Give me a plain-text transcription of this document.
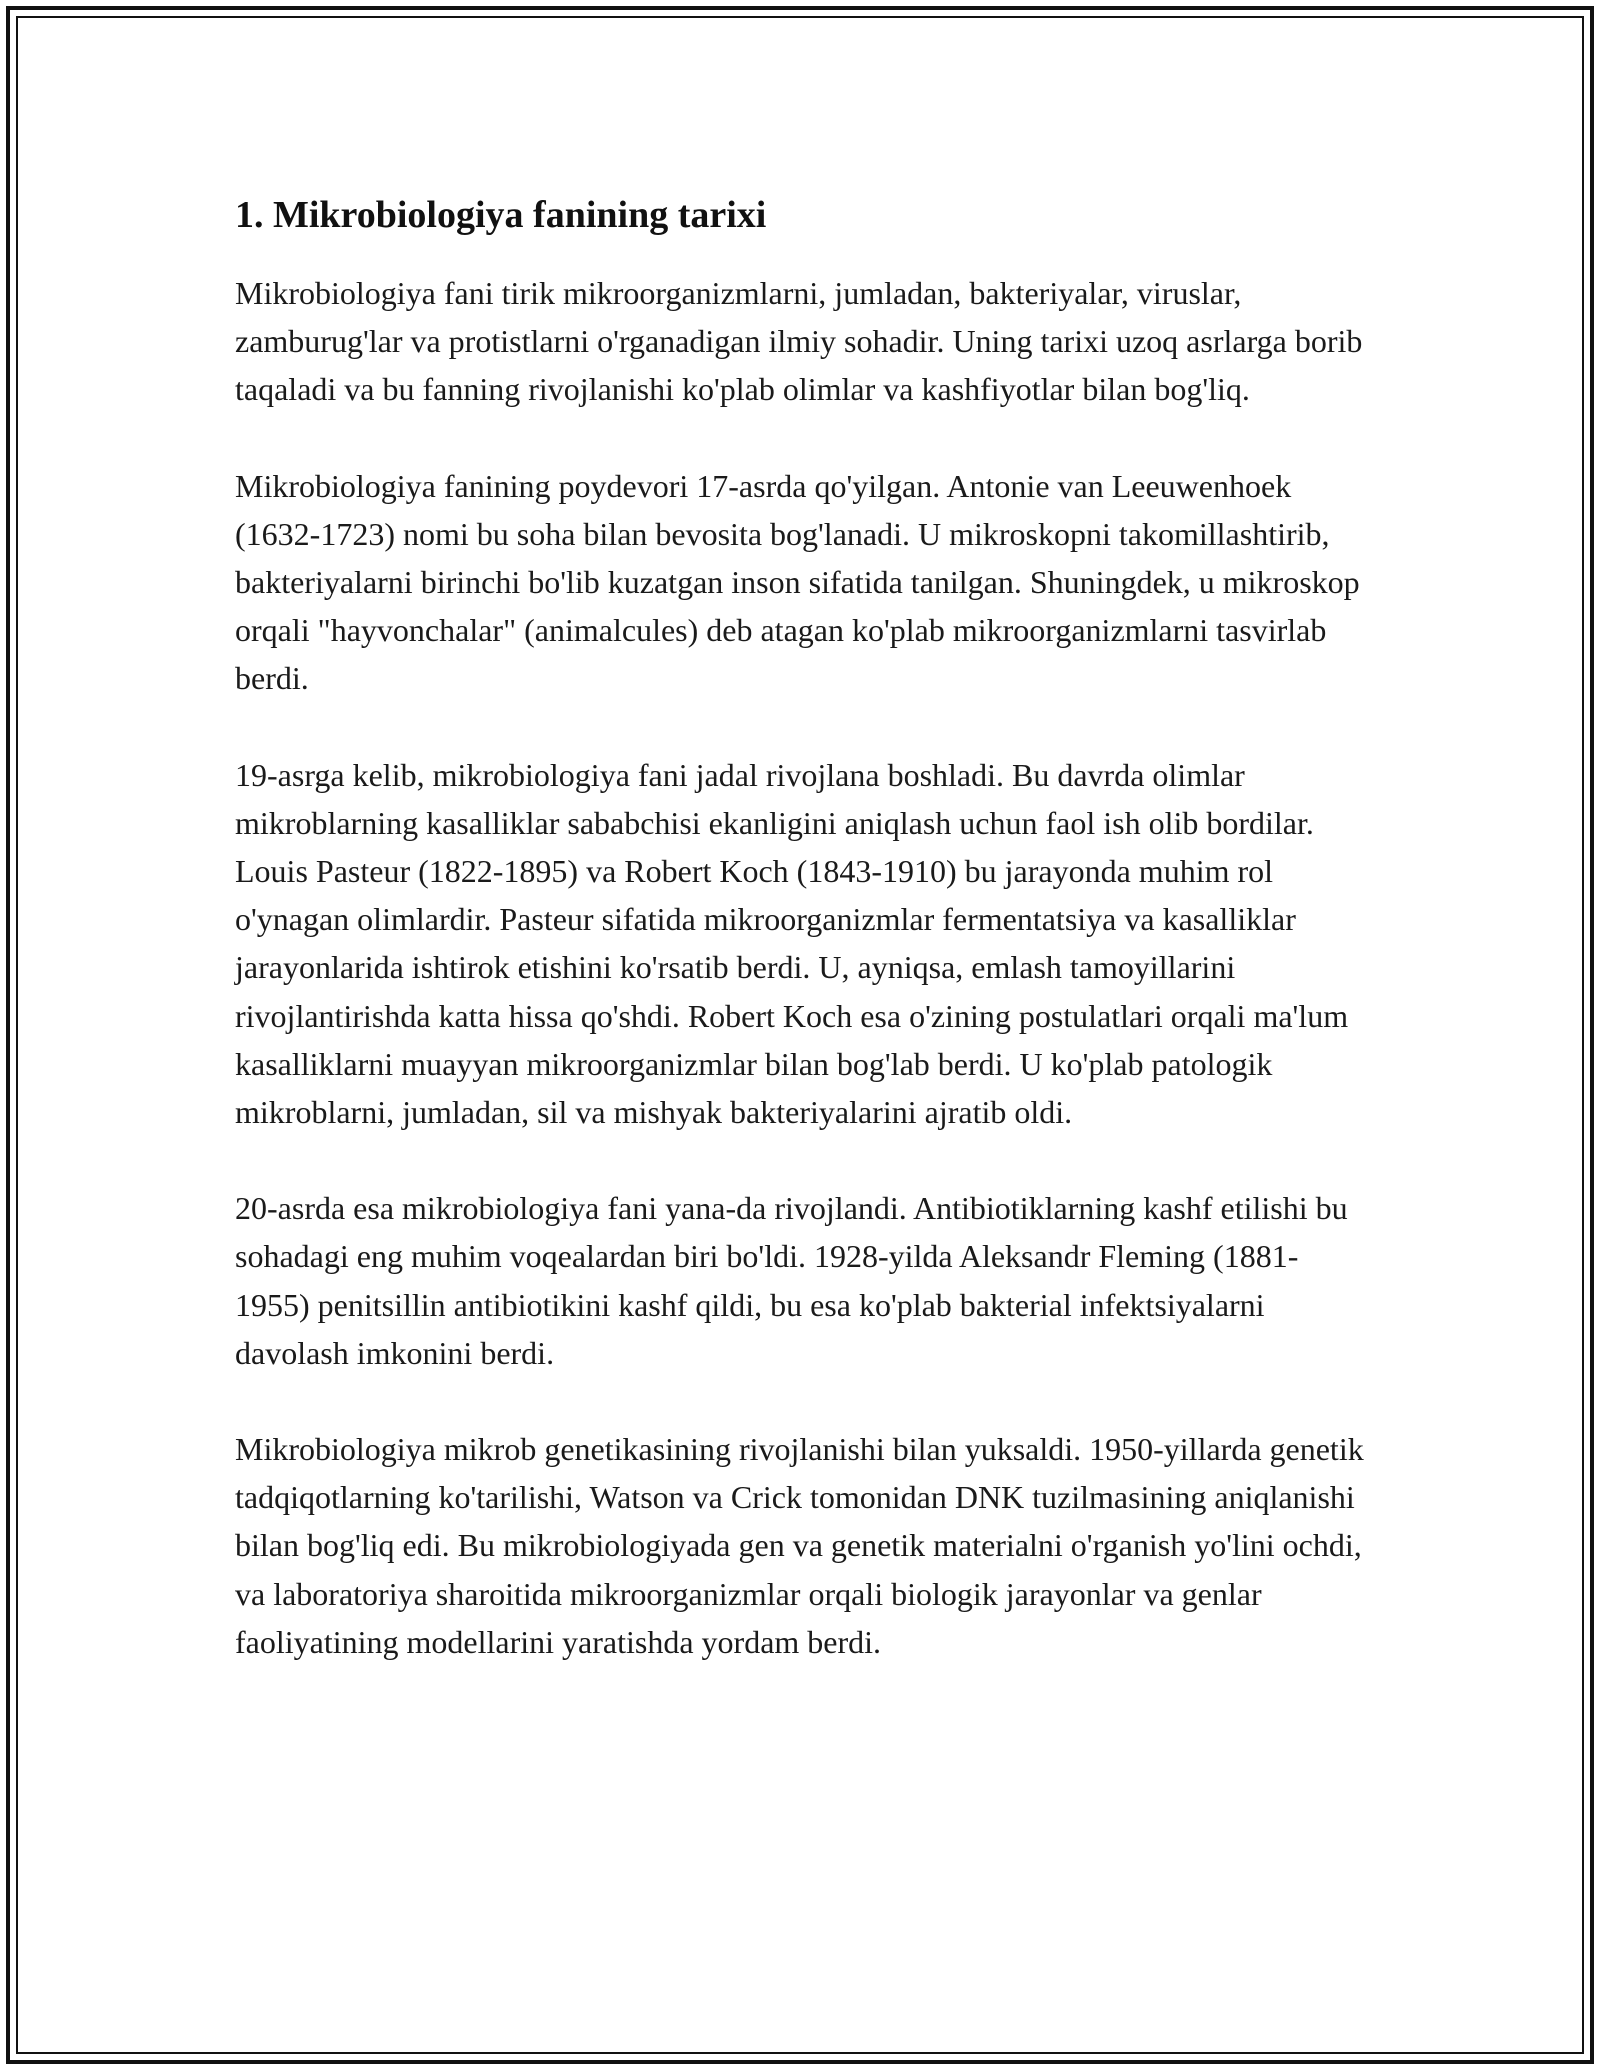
1. Mikrobiologiya fanining tarixi

Mikrobiologiya fani tirik mikroorganizmlarni, jumladan, bakteriyalar, viruslar, zamburug'lar va protistlarni o'rganadigan ilmiy sohadir. Uning tarixi uzoq asrlarga borib taqaladi va bu fanning rivojlanishi ko'plab olimlar va kashfiyotlar bilan bog'liq.

Mikrobiologiya fanining poydevori 17-asrda qo'yilgan. Antonie van Leeuwenhoek (1632-1723) nomi bu soha bilan bevosita bog'lanadi. U mikroskopni takomillashtirib, bakteriyalarni birinchi bo'lib kuzatgan inson sifatida tanilgan. Shuningdek, u mikroskop orqali "hayvonchalar" (animalcules) deb atagan ko'plab mikroorganizmlarni tasvirlab berdi.

19-asrga kelib, mikrobiologiya fani jadal rivojlana boshladi. Bu davrda olimlar mikroblarning kasalliklar sababchisi ekanligini aniqlash uchun faol ish olib bordilar. Louis Pasteur (1822-1895) va Robert Koch (1843-1910) bu jarayonda muhim rol o'ynagan olimlardir. Pasteur sifatida mikroorganizmlar fermentatsiya va kasalliklar jarayonlarida ishtirok etishini ko'rsatib berdi. U, ayniqsa, emlash tamoyillarini rivojlantirishda katta hissa qo'shdi. Robert Koch esa o'zining postulatlari orqali ma'lum kasalliklarni muayyan mikroorganizmlar bilan bog'lab berdi. U ko'plab patologik mikroblarni, jumladan, sil va mishyak bakteriyalarini ajratib oldi.

20-asrda esa mikrobiologiya fani yana-da rivojlandi. Antibiotiklarning kashf etilishi bu sohadagi eng muhim voqealardan biri bo'ldi. 1928-yilda Aleksandr Fleming (1881-1955) penitsillin antibiotikini kashf qildi, bu esa ko'plab bakterial infektsiyalarni davolash imkonini berdi.

Mikrobiologiya mikrob genetikasining rivojlanishi bilan yuksaldi. 1950-yillarda genetik tadqiqotlarning ko'tarilishi, Watson va Crick tomonidan DNK tuzilmasining aniqlanishi bilan bog'liq edi. Bu mikrobiologiyada gen va genetik materialni o'rganish yo'lini ochdi, va laboratoriya sharoitida mikroorganizmlar orqali biologik jarayonlar va genlar faoliyatining modellarini yaratishda yordam berdi.
